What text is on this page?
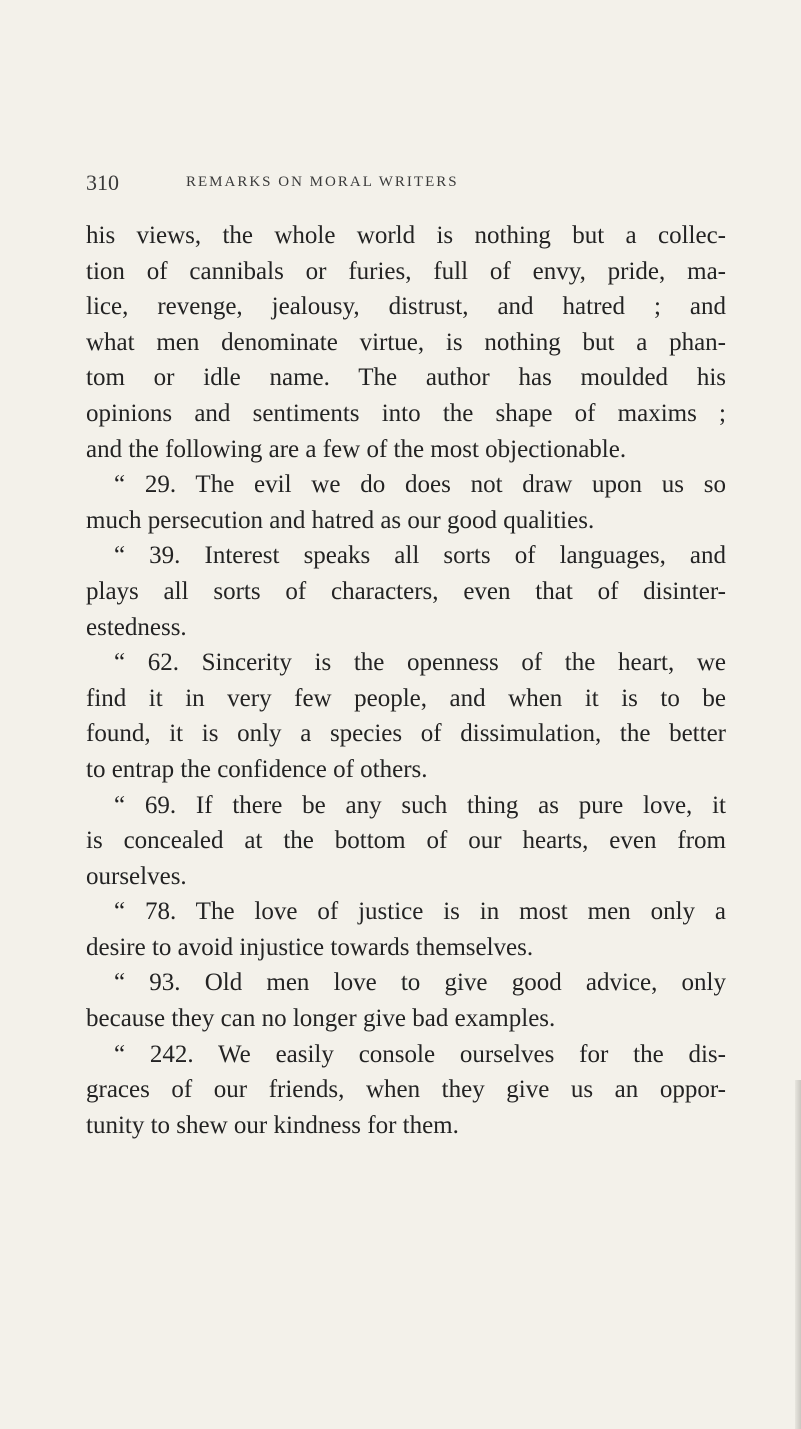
310	REMARKS ON MORAL WRITERS
his views, the whole world is nothing but a collec-
tion of cannibals or furies, full of envy, pride, ma-
lice, revenge, jealousy, distrust, and hatred ; and
what men denominate virtue, is nothing but a phan-
tom or idle name. The author has moulded his
opinions and sentiments into the shape of maxims ;
and the following are a few of the most objectionable.
“ 29. The evil we do does not draw upon us so
much persecution and hatred as our good qualities.
“ 39. Interest speaks all sorts of languages, and
plays all sorts of characters, even that of disinter-
estedness.
“ 62. Sincerity is the openness of the heart, we
find it in very few people, and when it is to be
found, it is only a species of dissimulation, the better
to entrap the confidence of others.
“ 69. If there be any such thing as pure love, it
is concealed at the bottom of our hearts, even from
ourselves.
“ 78. The love of justice is in most men only a
desire to avoid injustice towards themselves.
“ 93. Old men love to give good advice, only
because they can no longer give bad examples.
“ 242. We easily console ourselves for the dis-
graces of our friends, when they give us an oppor-
tunity to shew our kindness for them.
